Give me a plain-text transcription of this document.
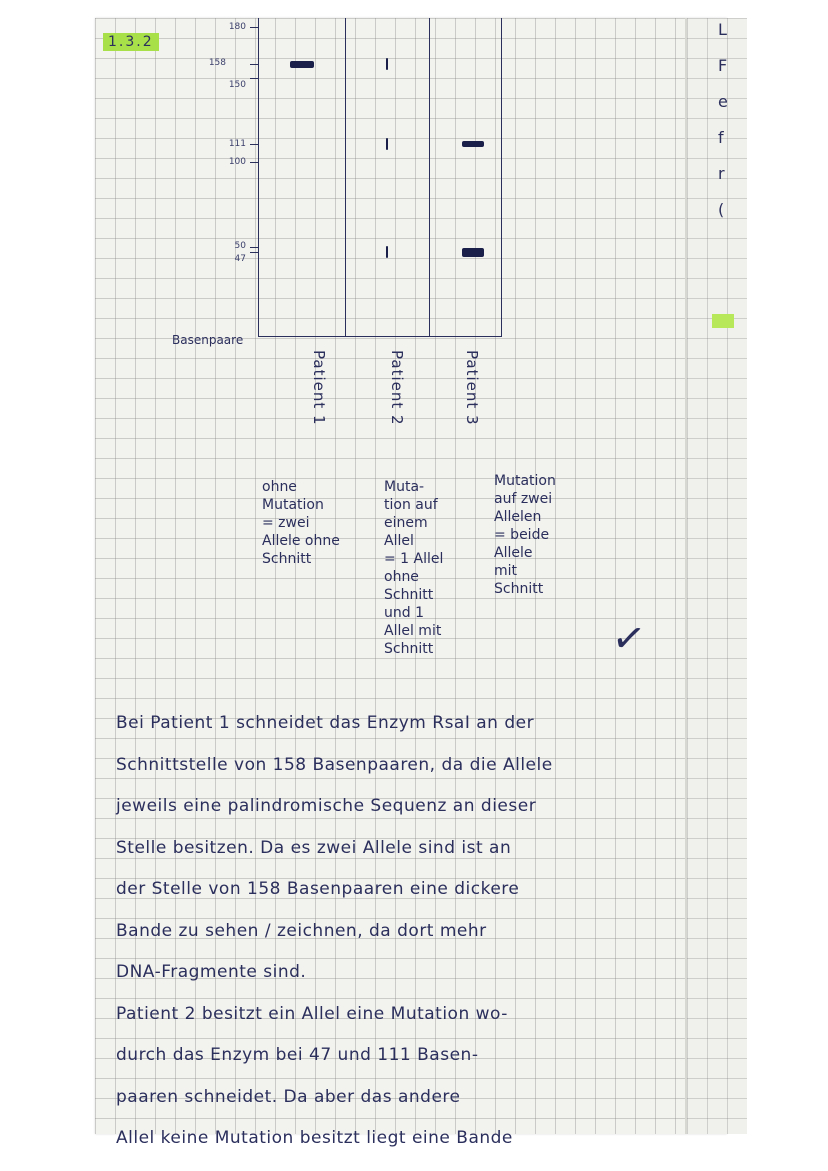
L
F
e
f
r
(
1.3.2
180
158
150
111
100
50
47
Basenpaare
Patient 1	Patient 2	Patient 3
ohne
Mutation
= zwei
Allele ohne
Schnitt
Muta-
tion auf
einem
Allel
= 1 Allel
ohne
Schnitt
und 1
Allel mit
Schnitt
Mutation
auf zwei
Allelen
= beide
Allele
mit
Schnitt
✓
Bei Patient 1 schneidet das Enzym RsaI an der
Schnittstelle von 158 Basenpaaren, da die Allele
jeweils eine palindromische Sequenz an dieser
Stelle besitzen. Da es zwei Allele sind ist an
der Stelle von 158 Basenpaaren eine dickere
Bande zu sehen / zeichnen, da dort mehr
DNA-Fragmente sind.
Patient 2 besitzt ein Allel eine Mutation wo-
durch das Enzym bei 47 und 111 Basen-
paaren schneidet. Da aber das andere
Allel keine Mutation besitzt liegt eine Bande
